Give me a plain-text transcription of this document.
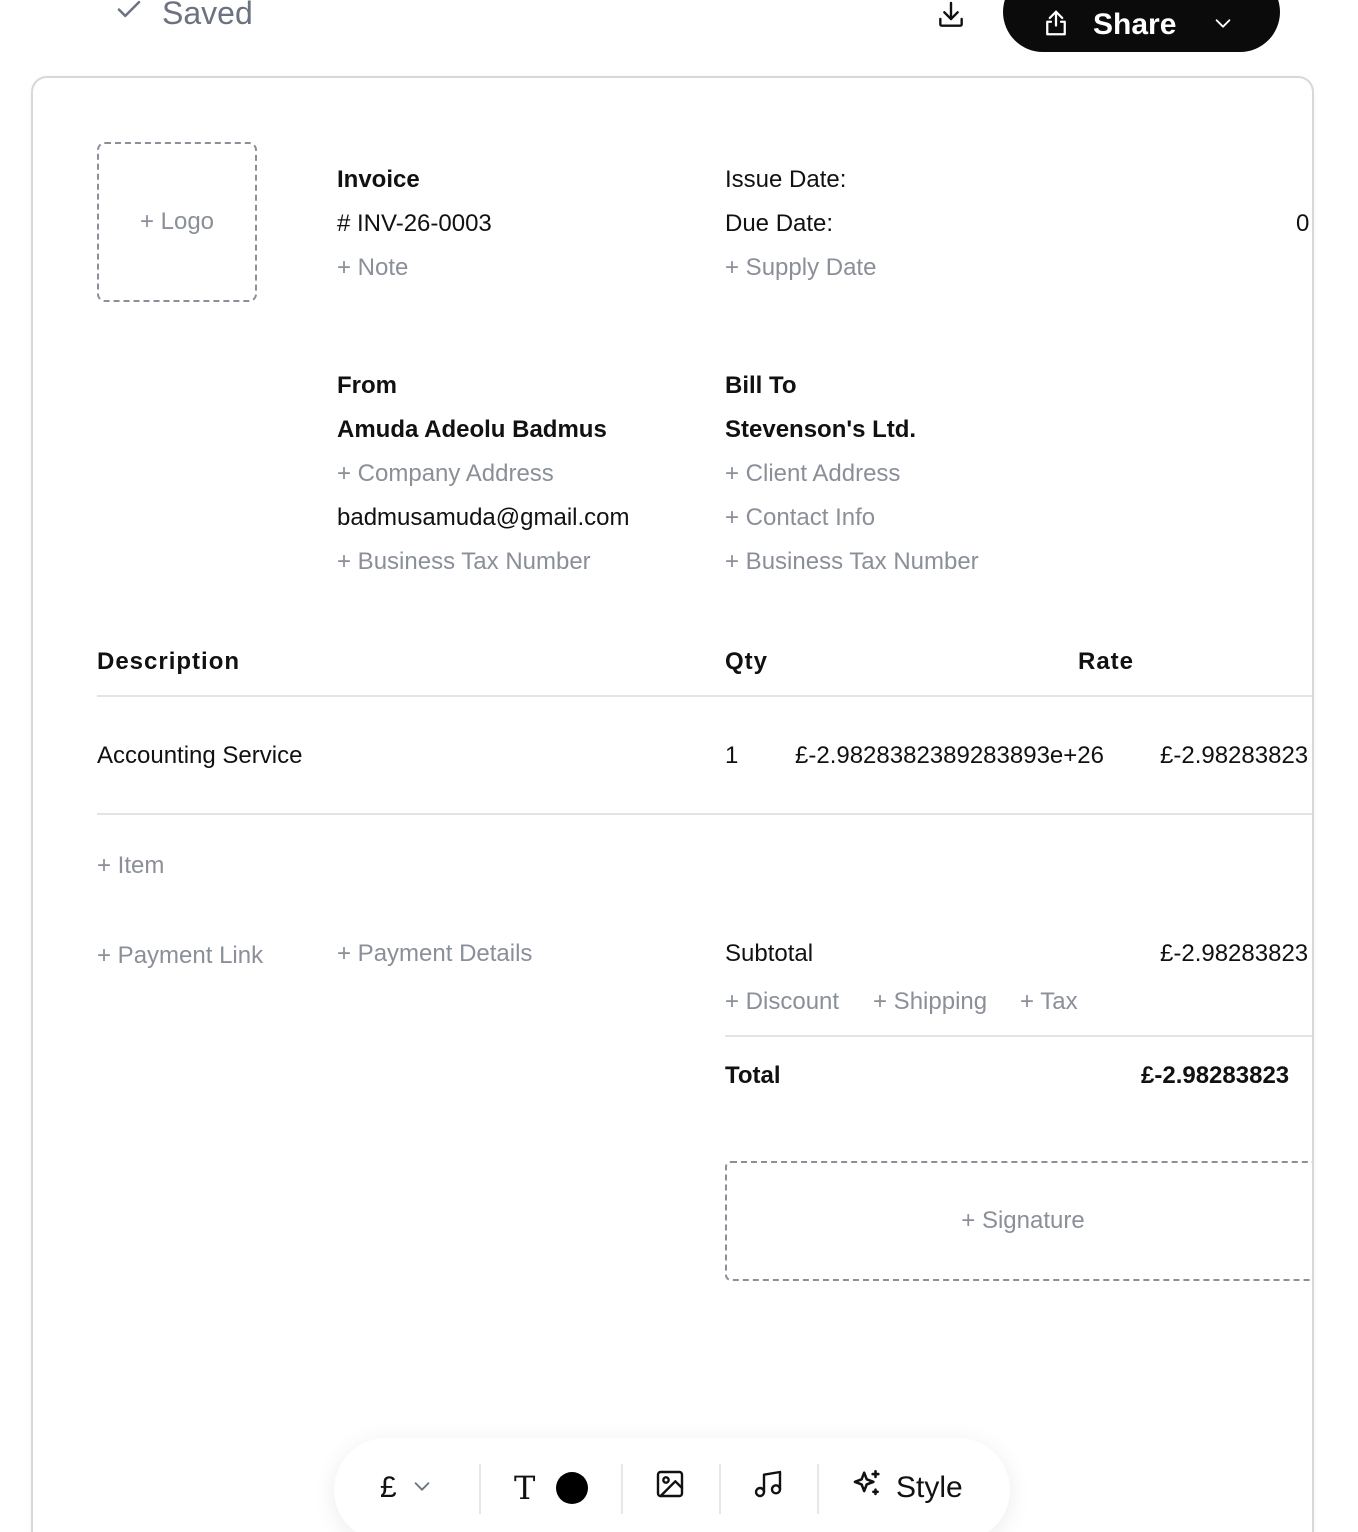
Saved	Share
+ Logo
Invoice
# INV-26-0003
+ Note
Issue Date:
Due Date:	0
+ Supply Date
From
Amuda Adeolu Badmus
+ Company Address
badmusamuda@gmail.com
+ Business Tax Number
Bill To
Stevenson's Ltd.
+ Client Address
+ Contact Info
+ Business Tax Number
Description	Qty	Rate
Accounting Service	1 £-2.9828382389283893e+26 £-2.98283823
+ Item
+ Payment Link	+ Payment Details	Subtotal	£-2.98283823
+ Discount + Shipping + Tax
Total	£-2.98283823
+ Signature
£	T	Style
